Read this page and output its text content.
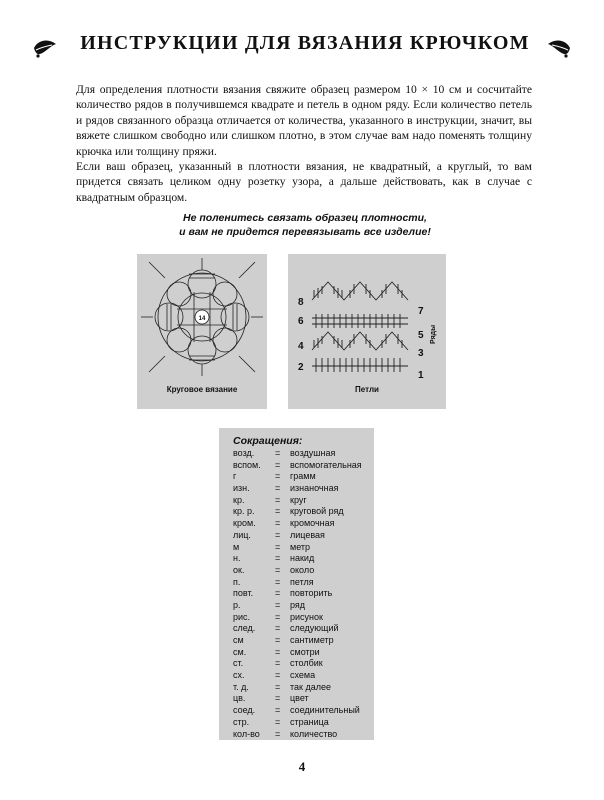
ИНСТРУКЦИИ ДЛЯ ВЯЗАНИЯ КРЮЧКОМ

Для определения плотности вязания свяжите образец размером 10 × 10 см и сосчитайте количество рядов в получившемся квадрате и петель в одном ряду. Если количество петель и рядов связанного образца отличается от количества, указанного в инструкции, значит, вы вяжете слишком свободно или слишком плотно, в этом случае вам надо поменять толщину крючка или толщину пряжи.

Если ваш образец, указанный в плотности вязания, не квадратный, а круглый, то вам придется связать целиком одну розетку узора, а дальше действовать, как в случае с квадратным образцом.

Не поленитесь связать образец плотности,
и вам не придется перевязывать все изделие!
14
Круговое вязание
8
6
4
2
7
5
3
1
Ряды
Петли
Сокращения:
возд. = воздушная
вспом. = вспомогательная
г	= грамм
изн.	= изнаночная
кр.	= круг
кр. р. = круговой ряд
кром. = кромочная
лиц.	= лицевая
м	= метр
н.	= накид
ок.	= около
п.	= петля
повт. = повторить
р.	= ряд
рис.	= рисунок
след. = следующий
см	= сантиметр
см.	= смотри
ст.	= столбик
сх.	= схема
т. д.	= так далее
цв.	= цвет
соед. = соединительный
стр.	= страница
кол-во = количество
4
